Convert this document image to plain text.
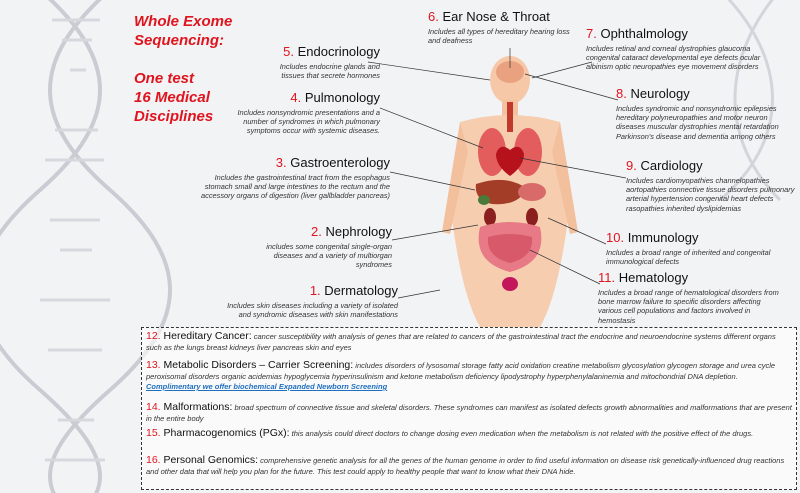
Whole Exome
Sequencing:
One test
16 Medical
Disciplines
1. Dermatology
Includes skin diseases including a variety of isolated and syndromic diseases with skin manifestations
2. Nephrology
includes some congenital single-organ diseases and a variety of multiorgan syndromes
3. Gastroenterology
Includes the gastrointestinal tract from the esophagus stomach small and large intestines to the rectum and the accessory organs of digestion (liver gallbladder pancreas)
4. Pulmonology
Includes nonsyndromic presentations and a number of syndromes in which pulmonary symptoms occur with systemic diseases.
5. Endocrinology
Includes endocrine glands and tissues that secrete hormones
6. Ear Nose & Throat
Includes all types of hereditary hearing loss and deafness	7. Ophthalmology
Includes retinal and corneal dystrophies glaucoma congenital cataract developmental eye defects ocular albinism optic neuropathies eye movement disorders
8. Neurology
Includes syndromic and nonsyndromic epilepsies hereditary polyneuropathies and motor neuron diseases muscular dystrophies mental retardation Parkinson's disease and dementia among others
9. Cardiology
Includes cardiomyopathies channelopathies aortopathies connective tissue disorders pulmonary arterial hypertension congenital heart defects rasopathies inherited dyslipidemias
10. Immunology
Includes a broad range of inherited and congenital immunological defects
11. Hematology
Includes a broad range of hematological disorders from bone marrow failure to specific disorders affecting various cell populations and factors involved in hemostasis
12. Hereditary Cancer: cancer susceptibility with analysis of genes that are related to cancers of the gastrointestinal tract the endocrine and neuroendocrine systems different organs such as the lungs breast kidneys liver pancreas skin and eyes
13. Metabolic Disorders – Carrier Screening: includes disorders of lysosomal storage fatty acid oxidation creatine metabolism glycosylation glycogen storage and urea cycle peroxisomal disorders organic acidemias hypoglycemia hyperinsulinism and ketone metabolism deficiency lipodystrophy hyperphenylalaninemia and mitochondrial DNA depletion. Complimentary we offer biochemical Expanded Newborn Screening
14. Malformations: broad spectrum of connective tissue and skeletal disorders. These syndromes can manifest as isolated defects growth abnormalities and malformations that are present in the entire body
15. Pharmacogenomics (PGx): this analysis could direct doctors to change dosing even medication when the metabolism is not related with the positive effect of the drugs.
16. Personal Genomics: comprehensive genetic analysis for all the genes of the human genome in order to find useful information on disease risk genetically-influenced drug reactions and other data that will help you plan for the future. This test could apply to healthy people that want to know what their DNA hide.
